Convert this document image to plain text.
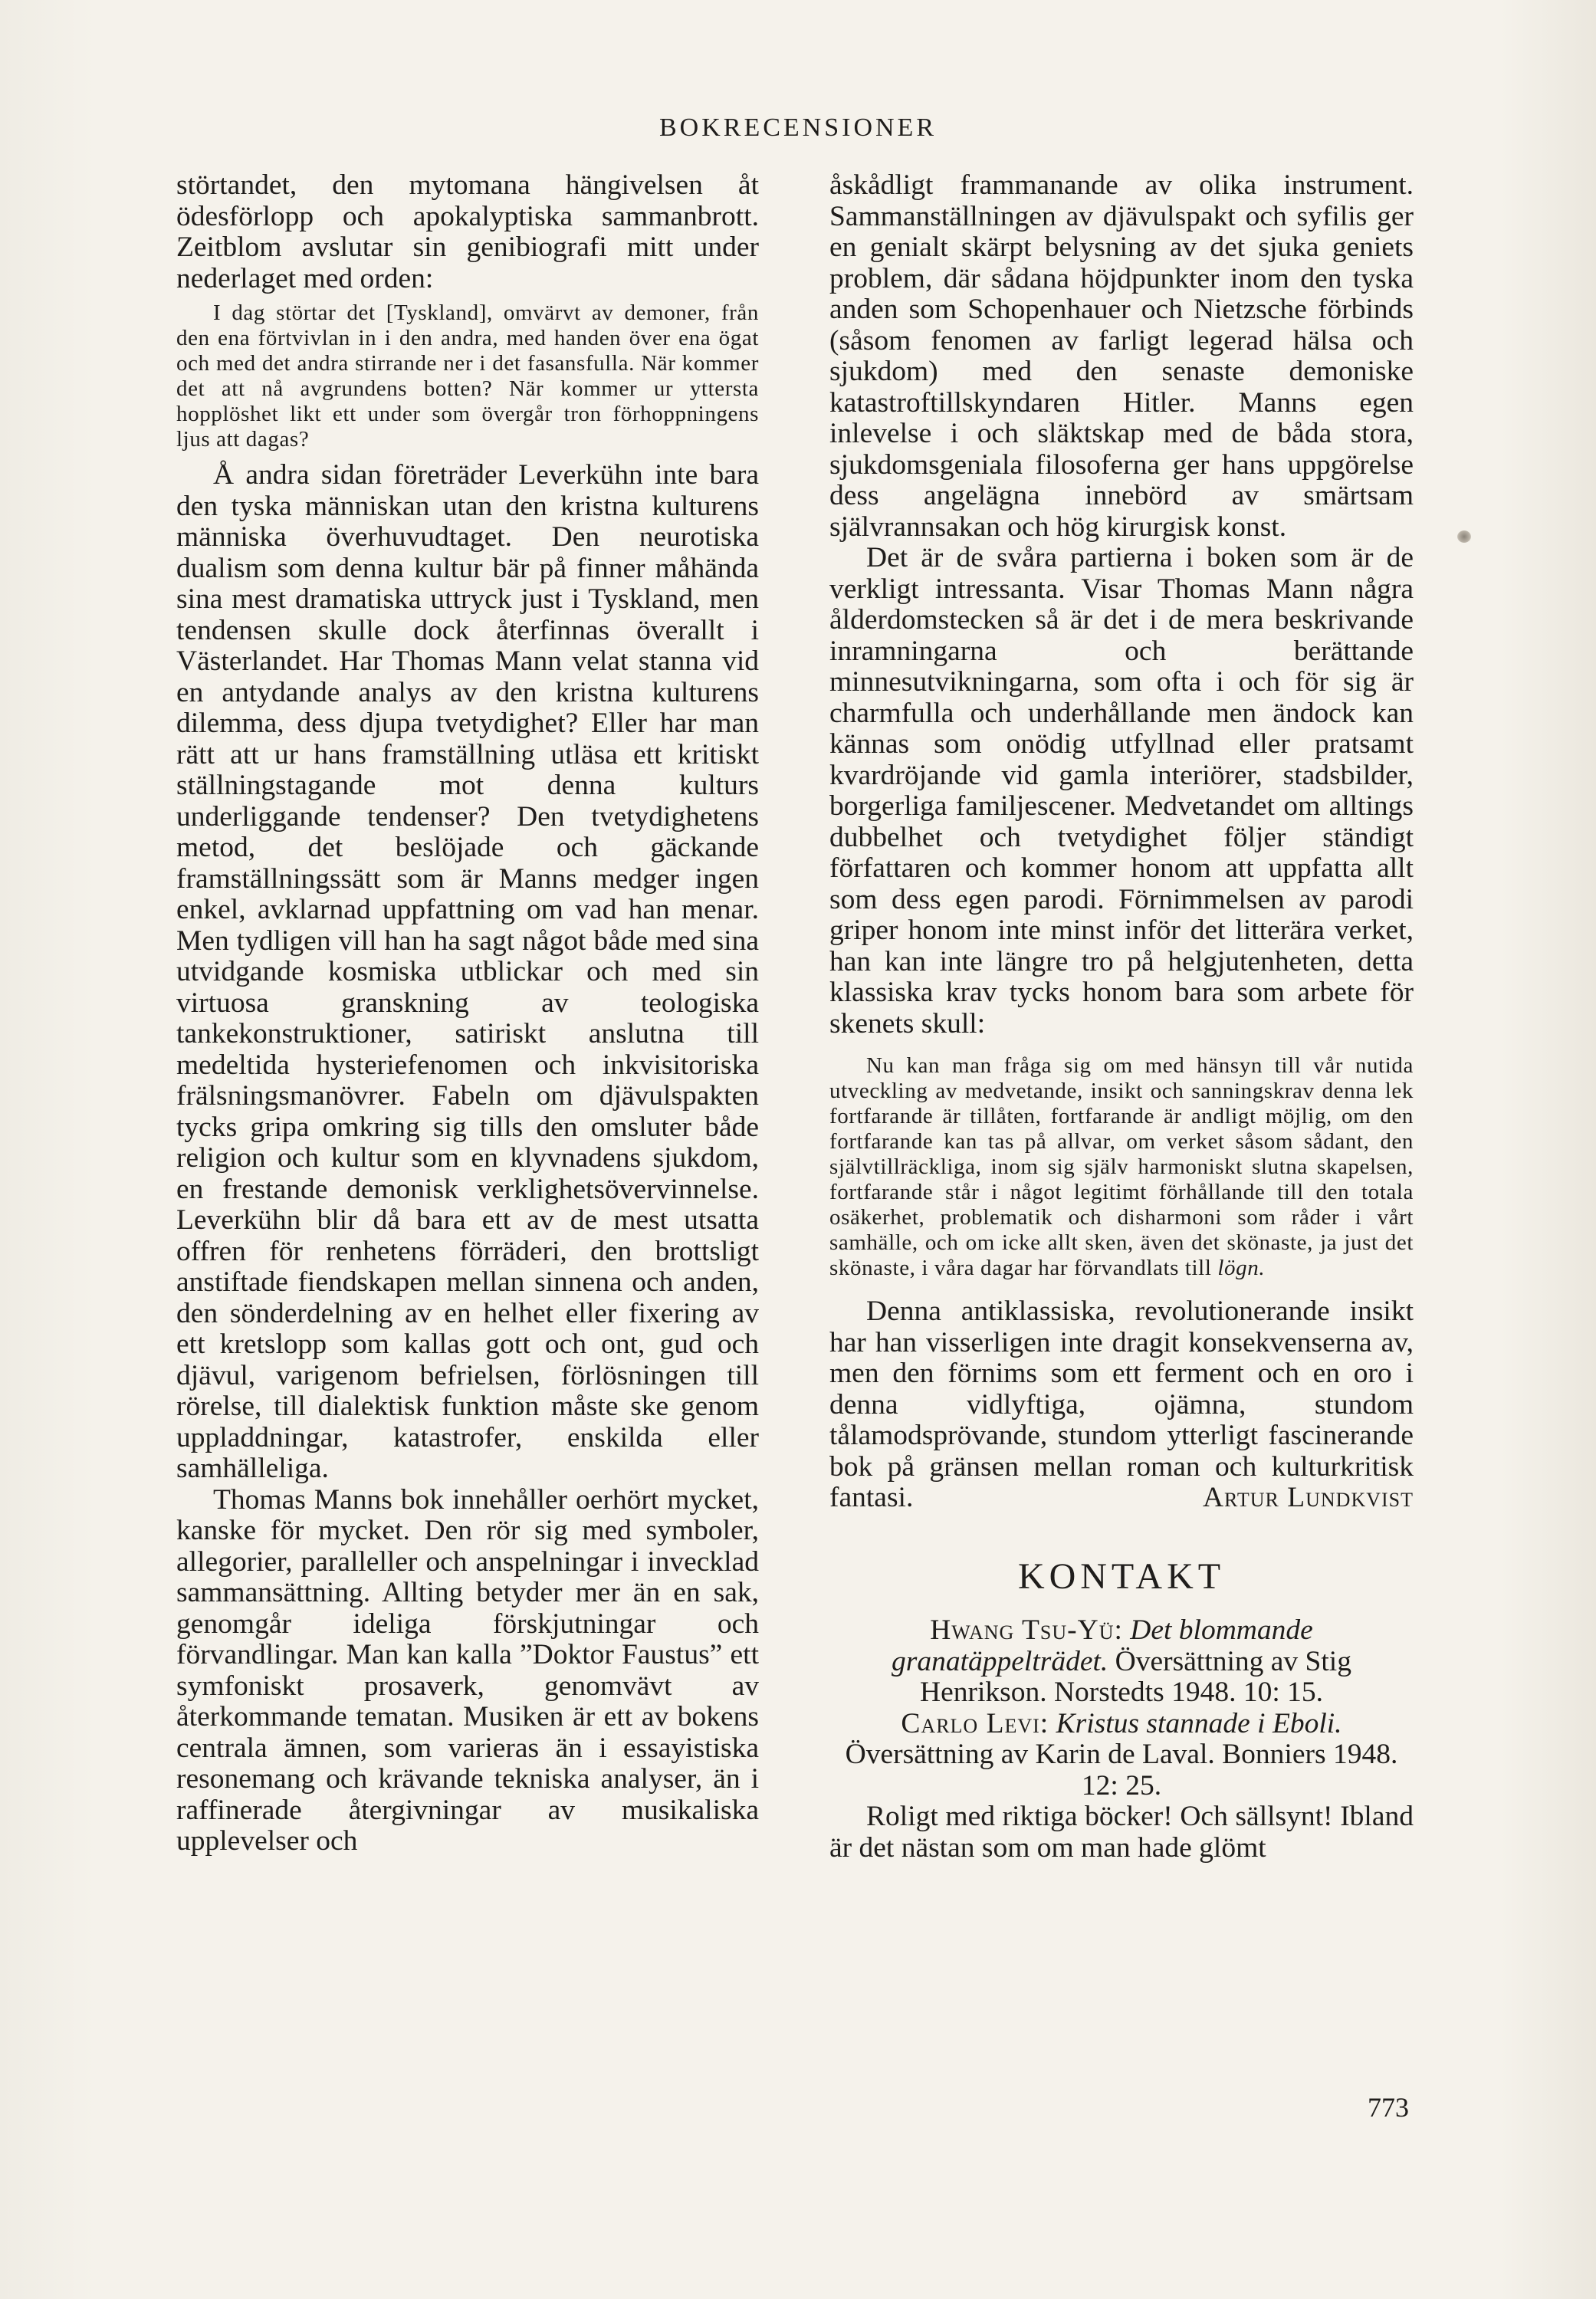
BOKRECENSIONER

störtandet, den mytomana hängivelsen åt ödesförlopp och apokalyptiska sammanbrott. Zeitblom avslutar sin genibiografi mitt under nederlaget med orden:

I dag störtar det [Tyskland], omvärvt av demoner, från den ena förtvivlan in i den andra, med handen över ena ögat och med det andra stirrande ner i det fasansfulla. När kommer det att nå avgrundens botten? När kommer ur yttersta hopplöshet likt ett under som övergår tron förhoppningens ljus att dagas?

Å andra sidan företräder Leverkühn inte bara den tyska människan utan den kristna kulturens människa överhuvudtaget. Den neurotiska dualism som denna kultur bär på finner måhända sina mest dramatiska uttryck just i Tyskland, men tendensen skulle dock återfinnas överallt i Västerlandet. Har Thomas Mann velat stanna vid en antydande analys av den kristna kulturens dilemma, dess djupa tvetydighet? Eller har man rätt att ur hans framställning utläsa ett kritiskt ställningstagande mot denna kulturs underliggande tendenser? Den tvetydighetens metod, det beslöjade och gäckande framställningssätt som är Manns medger ingen enkel, avklarnad uppfattning om vad han menar. Men tydligen vill han ha sagt något både med sina utvidgande kosmiska utblickar och med sin virtuosa granskning av teologiska tankekonstruktioner, satiriskt anslutna till medeltida hysteriefenomen och inkvisitoriska frälsningsmanövrer. Fabeln om djävulspakten tycks gripa omkring sig tills den omsluter både religion och kultur som en klyvnadens sjukdom, en frestande demonisk verklighetsövervinnelse. Leverkühn blir då bara ett av de mest utsatta offren för renhetens förräderi, den brottsligt anstiftade fiendskapen mellan sinnena och anden, den sönderdelning av en helhet eller fixering av ett kretslopp som kallas gott och ont, gud och djävul, varigenom befrielsen, förlösningen till rörelse, till dialektisk funktion måste ske genom uppladdningar, katastrofer, enskilda eller samhälleliga.

Thomas Manns bok innehåller oerhört mycket, kanske för mycket. Den rör sig med symboler, allegorier, paralleller och anspelningar i invecklad sammansättning. Allting betyder mer än en sak, genomgår ideliga förskjutningar och förvandlingar. Man kan kalla ”Doktor Faustus” ett symfoniskt prosaverk, genomvävt av återkommande tematan. Musiken är ett av bokens centrala ämnen, som varieras än i essayistiska resonemang och krävande tekniska analyser, än i raffinerade återgivningar av musikaliska upplevelser och

åskådligt frammanande av olika instrument. Sammanställningen av djävulspakt och syfilis ger en genialt skärpt belysning av det sjuka geniets problem, där sådana höjdpunkter inom den tyska anden som Schopenhauer och Nietzsche förbinds (såsom fenomen av farligt legerad hälsa och sjukdom) med den senaste demoniske katastroftillskyndaren Hitler. Manns egen inlevelse i och släktskap med de båda stora, sjukdomsgeniala filosoferna ger hans uppgörelse dess angelägna innebörd av smärtsam självrannsakan och hög kirurgisk konst.

Det är de svåra partierna i boken som är de verkligt intressanta. Visar Thomas Mann några ålderdomstecken så är det i de mera beskrivande inramningarna och berättande minnesutvikningarna, som ofta i och för sig är charmfulla och underhållande men ändock kan kännas som onödig utfyllnad eller pratsamt kvardröjande vid gamla interiörer, stadsbilder, borgerliga familjescener. Medvetandet om alltings dubbelhet och tvetydighet följer ständigt författaren och kommer honom att uppfatta allt som dess egen parodi. Förnimmelsen av parodi griper honom inte minst inför det litterära verket, han kan inte längre tro på helgjutenheten, detta klassiska krav tycks honom bara som arbete för skenets skull:

Nu kan man fråga sig om med hänsyn till vår nutida utveckling av medvetande, insikt och sanningskrav denna lek fortfarande är tillåten, fortfarande är andligt möjlig, om den fortfarande kan tas på allvar, om verket såsom sådant, den självtillräckliga, inom sig själv harmoniskt slutna skapelsen, fortfarande står i något legitimt förhållande till den totala osäkerhet, problematik och disharmoni som råder i vårt samhälle, och om icke allt sken, även det skönaste, ja just det skönaste, i våra dagar har förvandlats till lögn.

Denna antiklassiska, revolutionerande insikt har han visserligen inte dragit konsekvenserna av, men den förnims som ett ferment och en oro i denna vidlyftiga, ojämna, stundom tålamodsprövande, stundom ytterligt fascinerande bok på gränsen mellan roman och kulturkritisk fantasi.	Artur Lundkvist

KONTAKT

Hwang Tsu-Yü: Det blommande granatäppelträdet. Översättning av Stig Henrikson. Norstedts 1948. 10: 15.

Carlo Levi: Kristus stannade i Eboli. Översättning av Karin de Laval. Bonniers 1948. 12: 25.

Roligt med riktiga böcker! Och sällsynt! Ibland är det nästan som om man hade glömt

773
